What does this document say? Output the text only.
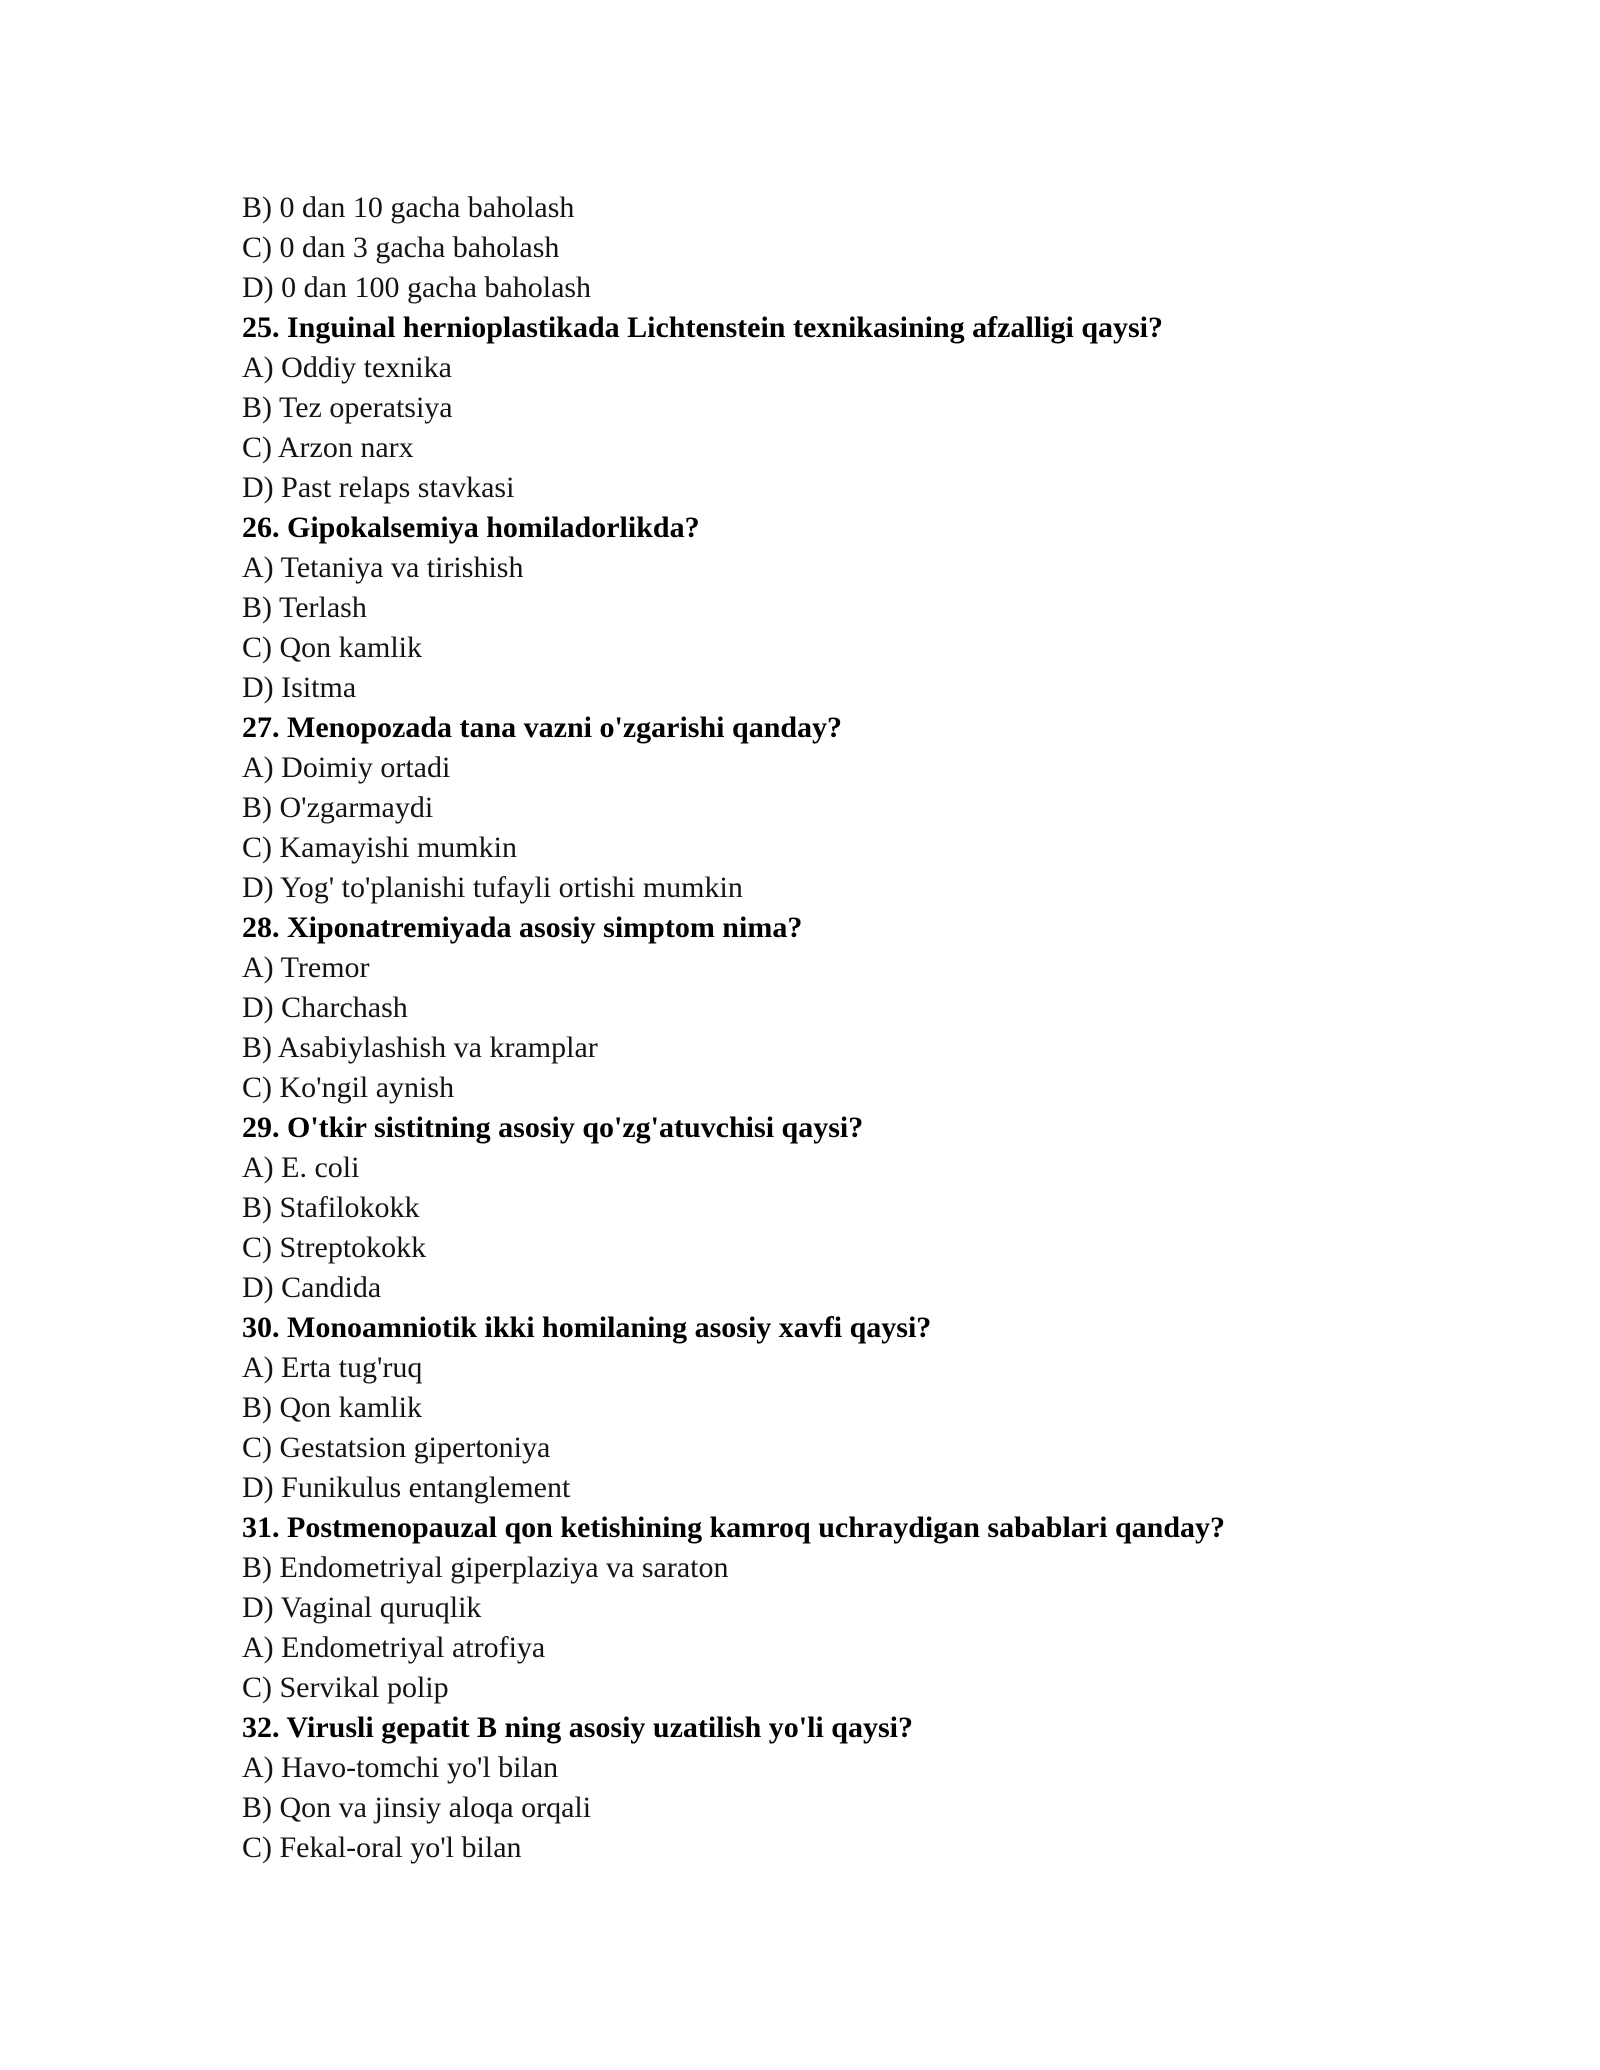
B) 0 dan 10 gacha baholash
C) 0 dan 3 gacha baholash
D) 0 dan 100 gacha baholash
25. Inguinal hernioplastikada Lichtenstein texnikasining afzalligi qaysi?
A) Oddiy texnika
B) Tez operatsiya
C) Arzon narx
D) Past relaps stavkasi
26. Gipokalsemiya homiladorlikda?
A) Tetaniya va tirishish
B) Terlash
C) Qon kamlik
D) Isitma
27. Menopozada tana vazni o'zgarishi qanday?
A) Doimiy ortadi
B) O'zgarmaydi
C) Kamayishi mumkin
D) Yog' to'planishi tufayli ortishi mumkin
28. Xiponatremiyada asosiy simptom nima?
A) Tremor
D) Charchash
B) Asabiylashish va kramplar
C) Ko'ngil aynish
29. O'tkir sistitning asosiy qo'zg'atuvchisi qaysi?
A) E. coli
B) Stafilokokk
C) Streptokokk
D) Candida
30. Monoamniotik ikki homilaning asosiy xavfi qaysi?
A) Erta tug'ruq
B) Qon kamlik
C) Gestatsion gipertoniya
D) Funikulus entanglement
31. Postmenopauzal qon ketishining kamroq uchraydigan sabablari qanday?
B) Endometriyal giperplaziya va saraton
D) Vaginal quruqlik
A) Endometriyal atrofiya
C) Servikal polip
32. Virusli gepatit B ning asosiy uzatilish yo'li qaysi?
A) Havo-tomchi yo'l bilan
B) Qon va jinsiy aloqa orqali
C) Fekal-oral yo'l bilan
